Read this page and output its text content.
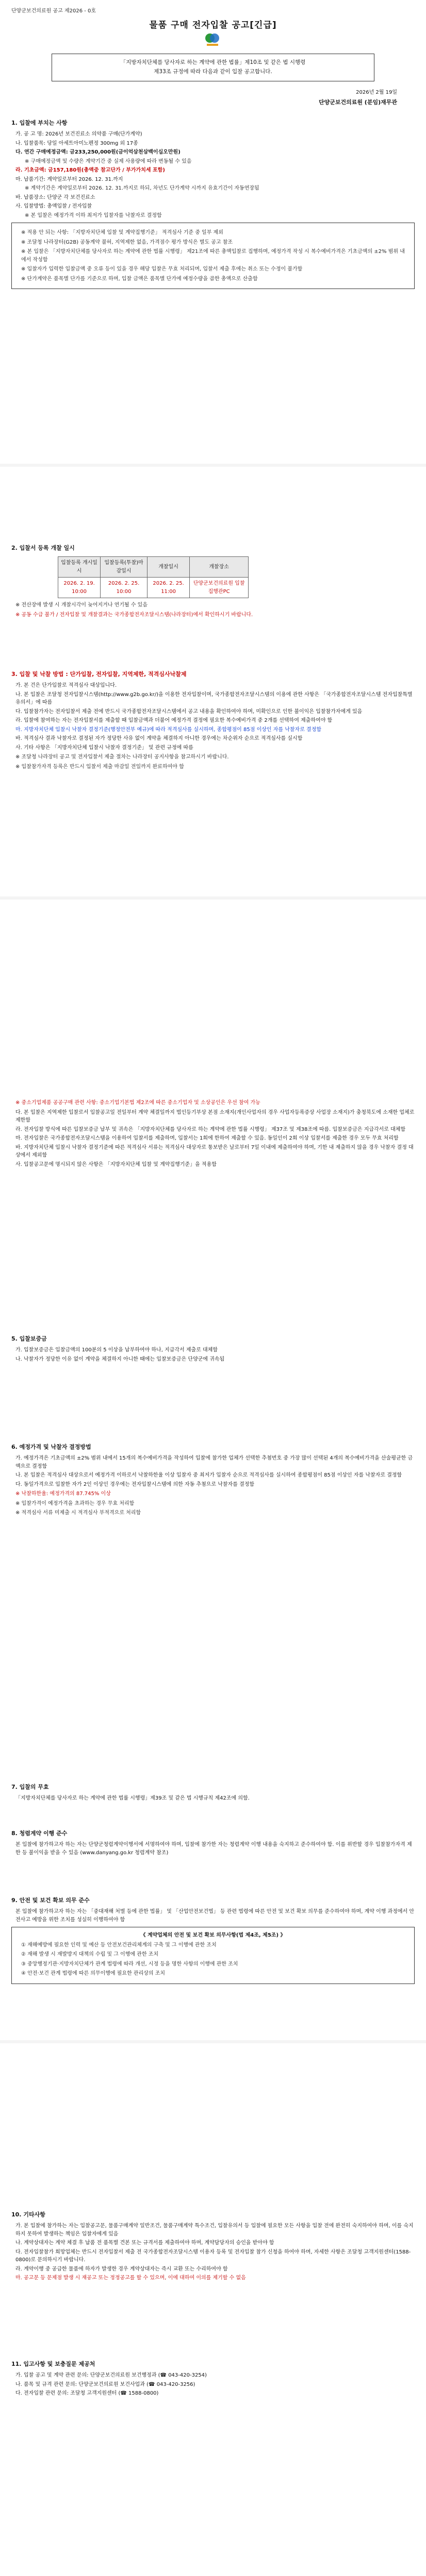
단양군보건의료원 공고 제2026 - 0호
물품 구매 전자입찰 공고[긴급]
「지방자치단체를 당사자로 하는 계약에 관한 법률」제10조 및 같은 법 시행령
제33조 규정에 따라 다음과 같이 입찰 공고합니다.
2026년 2월 19일
단양군보건의료원 (분임)재무관
1. 입찰에 부치는 사항
가. 공 고 명: 2026년 보건진료소 의약품 구매(단가계약)
나. 입찰품목: 당일 아세트아미노펜정 300mg 외 17종
다. 연간 구매예정금액: 금233,250,000원(금이억삼천삼백이십오만원)
※ 구매예정금액 및 수량은 계약기간 중 실제 사용량에 따라 변동될 수 있음
라. 기초금액: 금157,180원(총액중 참고단가 / 부가가치세 포함)
마. 납품기간: 계약일로부터 2026. 12. 31.까지
※ 계약기간은 계약일로부터 2026. 12. 31.까지로 하되, 차년도 단가계약 시까지 유효기간이 자동연장됨
바. 납품장소: 단양군 각 보건진료소
사. 입찰방법: 총액입찰 / 전자입찰
※ 본 입찰은 예정가격 이하 최저가 입찰자를 낙찰자로 결정함
※ 적용 안 되는 사항: 「지방자치단체 입찰 및 계약집행기준」 적격심사 기준 중 일부 제외
※ 조달청 나라장터(G2B) 공동계약 불허, 지역제한 없음, 가격점수 평가 방식은 별도 공고 참조
※ 본 입찰은 「지방자치단체를 당사자로 하는 계약에 관한 법률 시행령」 제21조에 따른 총액입찰로 집행하며, 예정가격 작성 시 복수예비가격은 기초금액의 ±2% 범위 내에서 작성함
※ 입찰자가 입력한 입찰금액 중 오류 등이 있을 경우 해당 입찰은 무효 처리되며, 입찰서 제출 후에는 취소 또는 수정이 불가함
※ 단가계약은 품목별 단가를 기준으로 하며, 입찰 금액은 품목별 단가에 예정수량을 곱한 총액으로 산출함
2. 입찰서 등록 개찰 일시
입찰등록 개시일시	입찰등록(투찰)마감일시	개찰일시	개찰장소
2026. 2. 19. 10:00	2026. 2. 25. 10:00	2026. 2. 25. 11:00	단양군보건의료원 입찰집행관PC
※ 전산장애 발생 시 개찰시각이 늦어지거나 연기될 수 있음
※ 공동 수급 불가 / 전자입찰 및 개찰결과는 국가종합전자조달시스템(나라장터)에서 확인하시기 바랍니다.
3. 입찰 및 낙찰 방법 : 단가입찰, 전자입찰, 지역제한, 적격심사낙찰제
가. 본 건은 단가입찰로 적격심사 대상입니다.
나. 본 입찰은 조달청 전자입찰시스템(http://www.g2b.go.kr/)을 이용한 전자입찰이며, 국가종합전자조달시스템의 이용에 관한 사항은 「국가종합전자조달시스템 전자입찰특별유의서」에 따름
다. 입찰참가자는 전자입찰서 제출 전에 반드시 국가종합전자조달시스템에서 공고 내용을 확인하여야 하며, 미확인으로 인한 불이익은 입찰참가자에게 있음
라. 입찰에 참여하는 자는 전자입찰서를 제출할 때 입찰금액과 더불어 예정가격 결정에 필요한 복수예비가격 중 2개를 선택하여 제출하여야 함
마. 지방자치단체 입찰시 낙찰자 결정기준(행정안전부 예규)에 따라 적격심사를 실시하며, 종합평점이 85점 이상인 자를 낙찰자로 결정함
바. 적격심사 결과 낙찰자로 결정된 자가 정당한 사유 없이 계약을 체결하지 아니한 경우에는 차순위자 순으로 적격심사를 실시함
사. 기타 사항은 「지방자치단체 입찰시 낙찰자 결정기준」 및 관련 규정에 따름
※ 조달청 나라장터 공고 및 전자입찰서 제출 절차는 나라장터 공지사항을 참고하시기 바랍니다.
※ 입찰참가자격 등록은 반드시 입찰서 제출 마감일 전일까지 완료하여야 함
※ 중소기업제품 공공구매 관련 사항: 중소기업기본법 제2조에 따른 중소기업자 및 소상공인은 우선 참여 가능
다. 본 입찰은 지역제한 입찰로서 입찰공고일 전일부터 계약 체결일까지 법인등기부상 본점 소재지(개인사업자의 경우 사업자등록증상 사업장 소재지)가 충청북도에 소재한 업체로 제한함
라. 전자입찰 방식에 따른 입찰보증금 납부 및 귀속은 「지방자치단체를 당사자로 하는 계약에 관한 법률 시행령」 제37조 및 제38조에 따름. 입찰보증금은 지급각서로 대체함
마. 전자입찰은 국가종합전자조달시스템을 이용하여 입찰서를 제출하며, 입찰서는 1회에 한하여 제출할 수 있음. 동일인이 2회 이상 입찰서를 제출한 경우 모두 무효 처리함
바. 지방자치단체 입찰시 낙찰자 결정기준에 따른 적격심사 서류는 적격심사 대상자로 통보받은 날로부터 7일 이내에 제출하여야 하며, 기한 내 제출하지 않을 경우 낙찰자 결정 대상에서 제외함
사. 입찰공고문에 명시되지 않은 사항은 「지방자치단체 입찰 및 계약집행기준」을 적용함
5. 입찰보증금
가. 입찰보증금은 입찰금액의 100분의 5 이상을 납부하여야 하나, 지급각서 제출로 대체함
나. 낙찰자가 정당한 이유 없이 계약을 체결하지 아니한 때에는 입찰보증금은 단양군에 귀속됨
6. 예정가격 및 낙찰자 결정방법
가. 예정가격은 기초금액의 ±2% 범위 내에서 15개의 복수예비가격을 작성하여 입찰에 참가한 업체가 선택한 추첨번호 중 가장 많이 선택된 4개의 복수예비가격을 산술평균한 금액으로 결정함
나. 본 입찰은 적격심사 대상으로서 예정가격 이하로서 낙찰하한율 이상 입찰자 중 최저가 입찰자 순으로 적격심사를 실시하여 종합평점이 85점 이상인 자를 낙찰자로 결정함
다. 동일가격으로 입찰한 자가 2인 이상인 경우에는 전자입찰시스템에 의한 자동 추첨으로 낙찰자를 결정함
※ 낙찰하한율: 예정가격의 87.745% 이상
※ 입찰가격이 예정가격을 초과하는 경우 무효 처리함
※ 적격심사 서류 미제출 시 적격심사 부적격으로 처리함
7. 입찰의 무효
「지방자치단체를 당사자로 하는 계약에 관한 법률 시행령」제39조 및 같은 법 시행규칙 제42조에 의함.
8. 청렴계약 이행 준수
본 입찰에 참가하고자 하는 자는 단양군청렴계약이행서에 서명하여야 하며, 입찰에 참가한 자는 청렴계약 이행 내용을 숙지하고 준수하여야 함. 이를 위반할 경우 입찰참가자격 제한 등 불이익을 받을 수 있음 (www.danyang.go.kr 청렴계약 참조)
9. 안전 및 보건 확보 의무 준수
본 입찰에 참가하고자 하는 자는 「중대재해 처벌 등에 관한 법률」 및 「산업안전보건법」 등 관련 법령에 따른 안전 및 보건 확보 의무를 준수하여야 하며, 계약 이행 과정에서 안전사고 예방을 위한 조치를 성실히 이행하여야 함
《 계약업체의 안전 및 보건 확보 의무사항(법 제4조, 제5조) 》
① 재해예방에 필요한 인력 및 예산 등 안전보건관리체계의 구축 및 그 이행에 관한 조치
② 재해 발생 시 재발방지 대책의 수립 및 그 이행에 관한 조치
③ 중앙행정기관·지방자치단체가 관계 법령에 따라 개선, 시정 등을 명한 사항의 이행에 관한 조치
④ 안전·보건 관계 법령에 따른 의무이행에 필요한 관리상의 조치
10. 기타사항
가. 본 입찰에 참가하는 자는 입찰공고문, 물품구매계약 일반조건, 물품구매계약 특수조건, 입찰유의서 등 입찰에 필요한 모든 사항을 입찰 전에 완전히 숙지하여야 하며, 이를 숙지하지 못하여 발생하는 책임은 입찰자에게 있음
나. 계약상대자는 계약 체결 후 납품 전 품목별 견본 또는 규격서를 제출하여야 하며, 계약담당자의 승인을 받아야 함
다. 전자입찰참가 희망업체는 반드시 전자입찰서 제출 전 국가종합전자조달시스템 이용자 등록 및 전자입찰 참가 신청을 하여야 하며, 자세한 사항은 조달청 고객지원센터(1588-0800)로 문의하시기 바랍니다.
라. 계약이행 중 공급한 물품에 하자가 발생한 경우 계약상대자는 즉시 교환 또는 수리하여야 함
마. 공고문 등 문제점 발생 시 재공고 또는 정정공고를 할 수 있으며, 이에 대하여 이의를 제기할 수 없음
11. 입고사항 및 보충질문 제공처
가. 입찰 공고 및 계약 관련 문의: 단양군보건의료원 보건행정과 (☎ 043-420-3254)
나. 품목 및 규격 관련 문의: 단양군보건의료원 보건사업과 (☎ 043-420-3256)
다. 전자입찰 관련 문의: 조달청 고객지원센터 (☎ 1588-0800)
